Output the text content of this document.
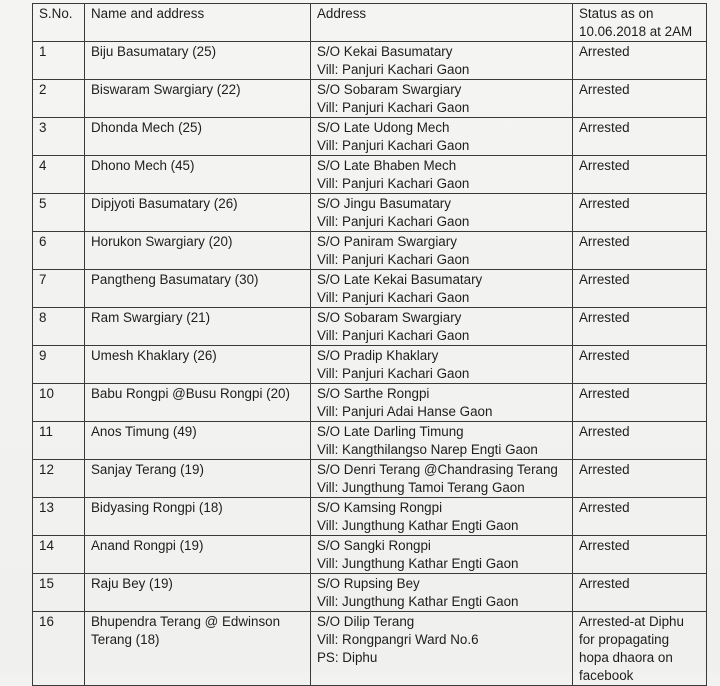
S.No.	Name and address	Address	Status as on
10.06.2018 at 2AM

1	Biju Basumatary (25)	S/O Kekai Basumatary
Vill: Panjuri Kachari Gaon	Arrested

2	Biswaram Swargiary (22)	S/O Sobaram Swargiary
Vill: Panjuri Kachari Gaon	Arrested

3	Dhonda Mech (25)	S/O Late Udong Mech
Vill: Panjuri Kachari Gaon	Arrested

4	Dhono Mech (45)	S/O Late Bhaben Mech
Vill: Panjuri Kachari Gaon	Arrested

5	Dipjyoti Basumatary (26)	S/O Jingu Basumatary
Vill: Panjuri Kachari Gaon	Arrested

6	Horukon Swargiary (20)	S/O Paniram Swargiary
Vill: Panjuri Kachari Gaon	Arrested

7	Pangtheng Basumatary (30)	S/O Late Kekai Basumatary
Vill: Panjuri Kachari Gaon	Arrested

8	Ram Swargiary (21)	S/O Sobaram Swargiary
Vill: Panjuri Kachari Gaon	Arrested

9	Umesh Khaklary (26)	S/O Pradip Khaklary
Vill: Panjuri Kachari Gaon	Arrested

10	Babu Rongpi @Busu Rongpi (20)	S/O Sarthe Rongpi
Vill: Panjuri Adai Hanse Gaon	Arrested

11	Anos Timung (49)	S/O Late Darling Timung
Vill: Kangthilangso Narep Engti Gaon	Arrested

12	Sanjay Terang (19)	S/O Denri Terang @Chandrasing Terang
Vill: Jungthung Tamoi Terang Gaon	Arrested

13	Bidyasing Rongpi (18)	S/O Kamsing Rongpi
Vill: Jungthung Kathar Engti Gaon	Arrested

14	Anand Rongpi (19)	S/O Sangki Rongpi
Vill: Jungthung Kathar Engti Gaon	Arrested

15	Raju Bey (19)	S/O Rupsing Bey
Vill: Jungthung Kathar Engti Gaon	Arrested

16	Bhupendra Terang @ Edwinson
Terang (18)	S/O Dilip Terang
Vill: Rongpangri Ward No.6
PS: Diphu	Arrested-at Diphu
for propagating
hopa dhaora on
facebook
